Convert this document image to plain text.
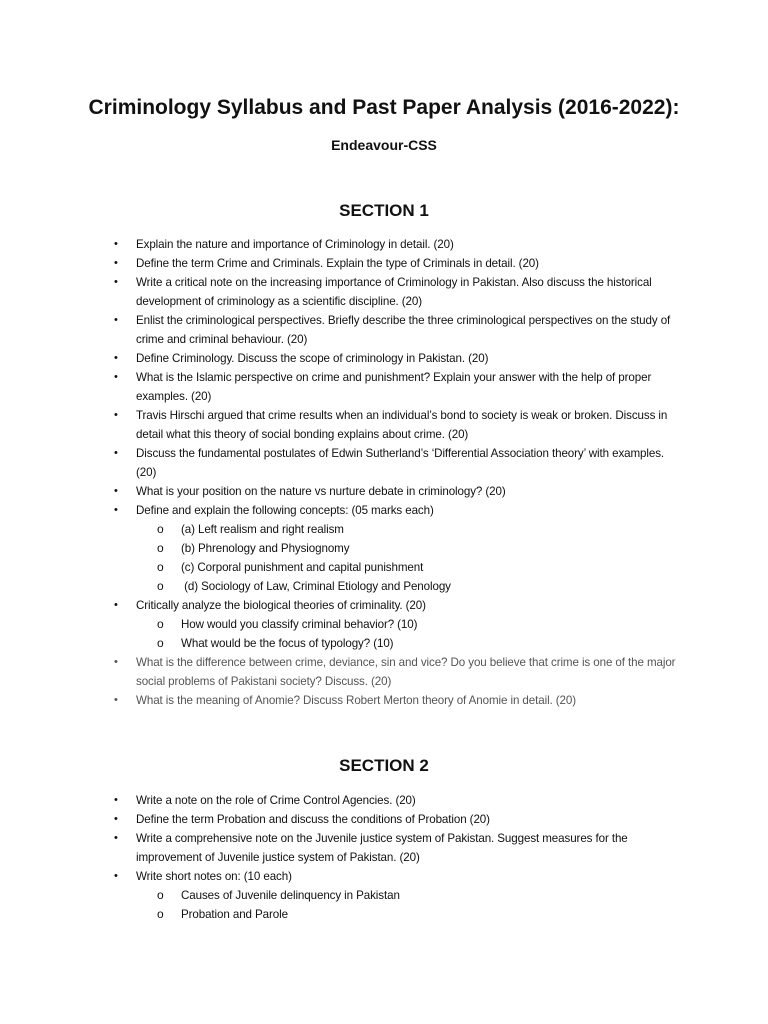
Criminology Syllabus and Past Paper Analysis (2016-2022):
Endeavour-CSS
SECTION 1
•	Explain the nature and importance of Criminology in detail. (20)
•	Define the term Crime and Criminals. Explain the type of Criminals in detail. (20)
•	Write a critical note on the increasing importance of Criminology in Pakistan. Also discuss the historical development of criminology as a scientific discipline. (20)
•	Enlist the criminological perspectives. Briefly describe the three criminological perspectives on the study of crime and criminal behaviour. (20)
•	Define Criminology. Discuss the scope of criminology in Pakistan. (20)
•	What is the Islamic perspective on crime and punishment? Explain your answer with the help of proper examples. (20)
•	Travis Hirschi argued that crime results when an individual’s bond to society is weak or broken. Discuss in detail what this theory of social bonding explains about crime. (20)
•	Discuss the fundamental postulates of Edwin Sutherland’s ‘Differential Association theory’ with examples. (20)
•	What is your position on the nature vs nurture debate in criminology? (20)
•	Define and explain the following concepts: (05 marks each)
o	(a) Left realism and right realism
o	(b) Phrenology and Physiognomy
o	(c) Corporal punishment and capital punishment
o	(d) Sociology of Law, Criminal Etiology and Penology
•	Critically analyze the biological theories of criminality. (20)
o	How would you classify criminal behavior? (10)
o	What would be the focus of typology? (10)
•	What is the difference between crime, deviance, sin and vice? Do you believe that crime is one of the major social problems of Pakistani society? Discuss. (20)
•	What is the meaning of Anomie? Discuss Robert Merton theory of Anomie in detail. (20)
SECTION 2
•	Write a note on the role of Crime Control Agencies. (20)
•	Define the term Probation and discuss the conditions of Probation (20)
•	Write a comprehensive note on the Juvenile justice system of Pakistan. Suggest measures for the improvement of Juvenile justice system of Pakistan. (20)
•	Write short notes on: (10 each)
o	Causes of Juvenile delinquency in Pakistan
o	Probation and Parole
